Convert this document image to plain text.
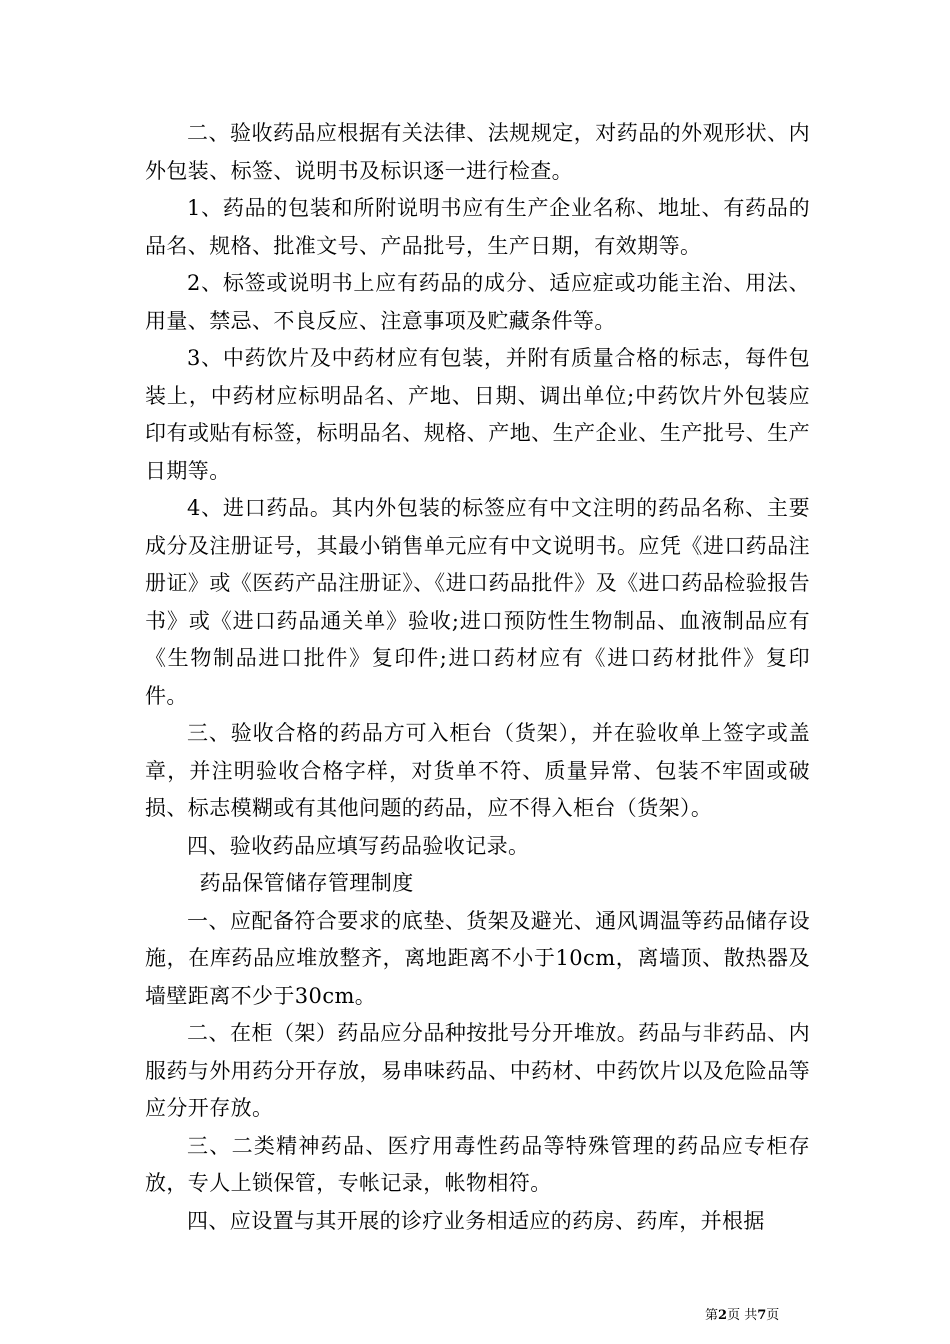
二、验收药品应根据有关法律、法规规定，对药品的外观形状、内外包装、标签、说明书及标识逐一进行检查。

1、药品的包装和所附说明书应有生产企业名称、地址、有药品的品名、规格、批准文号、产品批号，生产日期，有效期等。

2、标签或说明书上应有药品的成分、适应症或功能主治、用法、用量、禁忌、不良反应、注意事项及贮藏条件等。

3、中药饮片及中药材应有包装，并附有质量合格的标志，每件包装上，中药材应标明品名、产地、日期、调出单位;中药饮片外包装应印有或贴有标签，标明品名、规格、产地、生产企业、生产批号、生产日期等。

4、进口药品。其内外包装的标签应有中文注明的药品名称、主要成分及注册证号，其最小销售单元应有中文说明书。应凭《进口药品注册证》或《医药产品注册证》、《进口药品批件》及《进口药品检验报告书》或《进口药品通关单》验收;进口预防性生物制品、血液制品应有《生物制品进口批件》复印件;进口药材应有《进口药材批件》复印件。

三、验收合格的药品方可入柜台（货架），并在验收单上签字或盖章，并注明验收合格字样，对货单不符、质量异常、包装不牢固或破损、标志模糊或有其他问题的药品，应不得入柜台（货架）。

四、验收药品应填写药品验收记录。

药品保管储存管理制度

一、应配备符合要求的底垫、货架及避光、通风调温等药品储存设施，在库药品应堆放整齐，离地距离不小于10cm，离墙顶、散热器及墙壁距离不少于30cm。

二、在柜（架）药品应分品种按批号分开堆放。药品与非药品、内服药与外用药分开存放，易串味药品、中药材、中药饮片以及危险品等应分开存放。

三、二类精神药品、医疗用毒性药品等特殊管理的药品应专柜存放，专人上锁保管，专帐记录，帐物相符。

四、应设置与其开展的诊疗业务相适应的药房、药库，并根据

第2页 共7页
